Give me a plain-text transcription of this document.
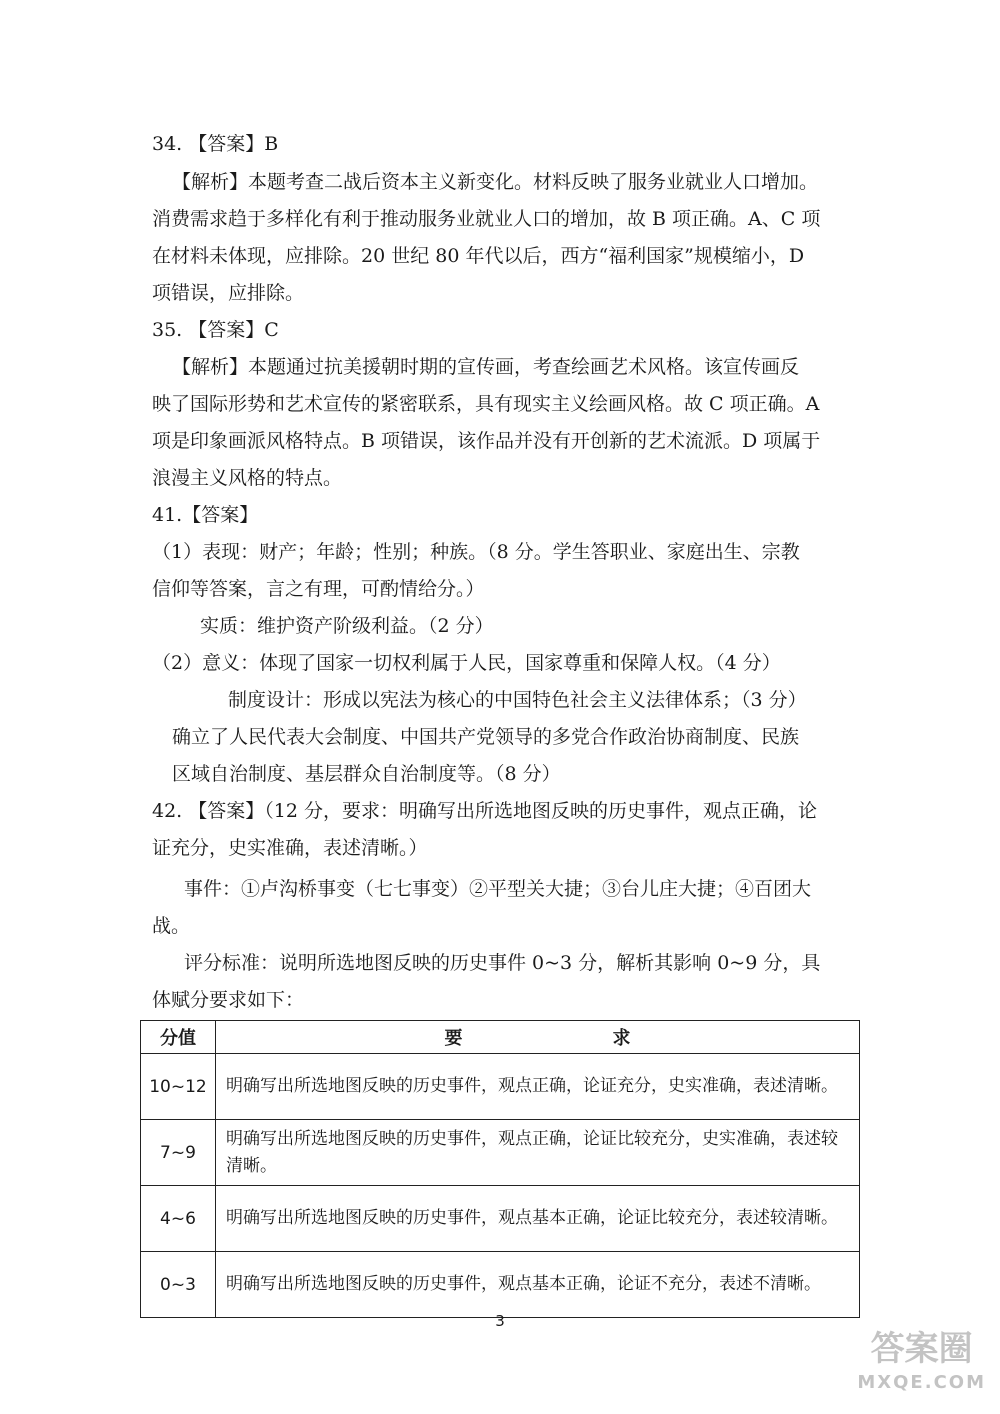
34. 【答案】B
【解析】本题考查二战后资本主义新变化。材料反映了服务业就业人口增加。
消费需求趋于多样化有利于推动服务业就业人口的增加，故 B 项正确。A、C 项
在材料未体现，应排除。20 世纪 80 年代以后，西方“福利国家”规模缩小，D
项错误，应排除。
35. 【答案】C
【解析】本题通过抗美援朝时期的宣传画，考查绘画艺术风格。该宣传画反
映了国际形势和艺术宣传的紧密联系，具有现实主义绘画风格。故 C 项正确。A
项是印象画派风格特点。B 项错误，该作品并没有开创新的艺术流派。D 项属于
浪漫主义风格的特点。
41.【答案】
（1）表现：财产；年龄；性别；种族。（8 分。学生答职业、家庭出生、宗教
信仰等答案，言之有理，可酌情给分。）
实质：维护资产阶级利益。（2 分）
（2）意义：体现了国家一切权利属于人民，国家尊重和保障人权。（4 分）
制度设计：形成以宪法为核心的中国特色社会主义法律体系；（3 分）
确立了人民代表大会制度、中国共产党领导的多党合作政治协商制度、民族
区域自治制度、基层群众自治制度等。（8 分）
42. 【答案】（12 分，要求：明确写出所选地图反映的历史事件，观点正确，论
证充分，史实准确，表述清晰。）
事件：①卢沟桥事变（七七事变）②平型关大捷；③台儿庄大捷；④百团大
战。
评分标准：说明所选地图反映的历史事件 0~3 分，解析其影响 0~9 分，具
体赋分要求如下：
分值	要求
10~12	明确写出所选地图反映的历史事件，观点正确，论证充分，史实准确，表述清晰。
7~9	明确写出所选地图反映的历史事件，观点正确，论证比较充分，史实准确，表述较清晰。
4~6	明确写出所选地图反映的历史事件，观点基本正确，论证比较充分，表述较清晰。
0~3	明确写出所选地图反映的历史事件，观点基本正确，论证不充分，表述不清晰。
3
答案圈
MXQE.COM
